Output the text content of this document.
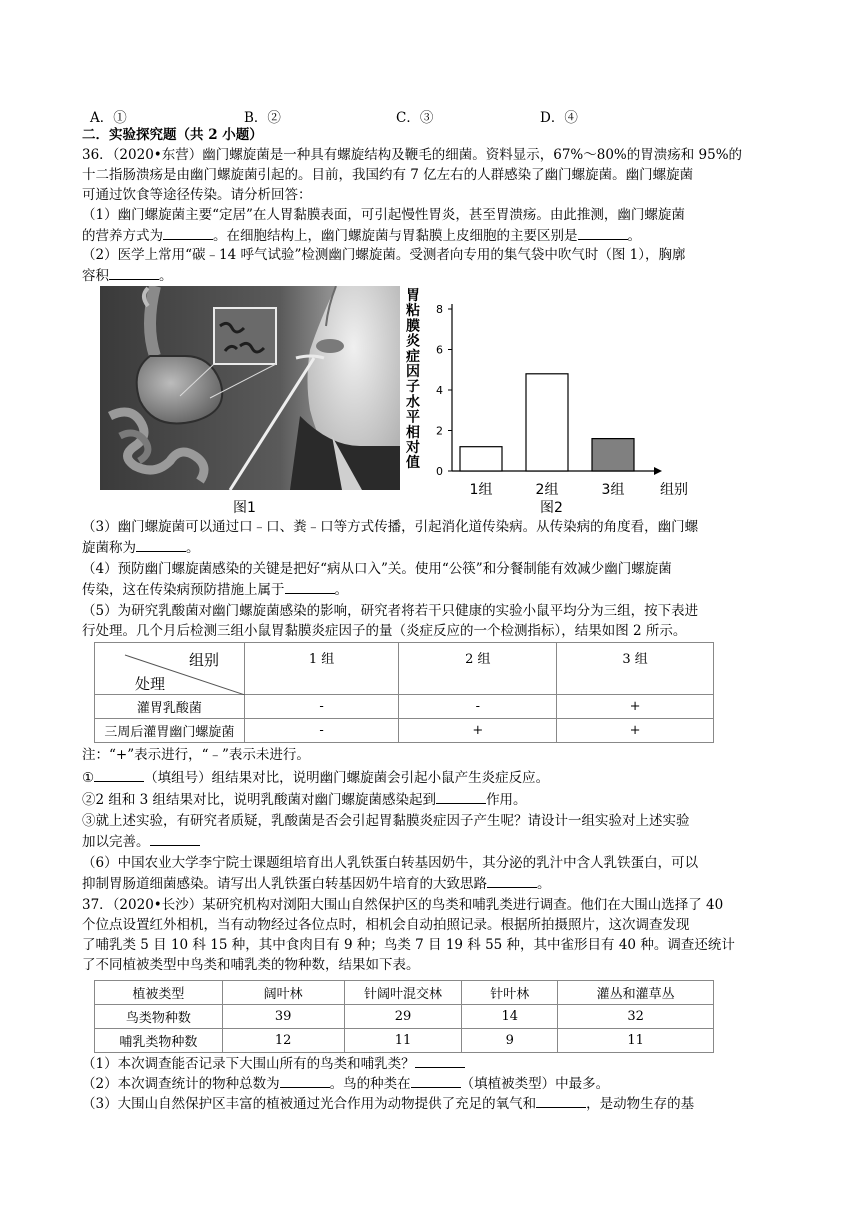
A．①	B．②	C．③	D．④
二．实验探究题（共 2 小题）
36．（2020•东营）幽门螺旋菌是一种具有螺旋结构及鞭毛的细菌。资料显示，67%～80%的胃溃疡和 95%的
十二指肠溃疡是由幽门螺旋菌引起的。目前，我国约有 7 亿左右的人群感染了幽门螺旋菌。幽门螺旋菌
可通过饮食等途径传染。请分析回答：
（1）幽门螺旋菌主要“定居”在人胃黏膜表面，可引起慢性胃炎，甚至胃溃疡。由此推测，幽门螺旋菌
的营养方式为	。在细胞结构上，幽门螺旋菌与胃黏膜上皮细胞的主要区别是	。
（2）医学上常用“碳﹣14 呼气试验”检测幽门螺旋菌。受测者向专用的集气袋中吹气时（图 1），胸廓
容积	。
图1
胃
粘
膜
炎
症
因
子
水
平
相
对
值
0
2
4
6
8
1组	2组	3组	组别
图2
（3）幽门螺旋菌可以通过口﹣口、粪﹣口等方式传播，引起消化道传染病。从传染病的角度看，幽门螺
旋菌称为	。
（4）预防幽门螺旋菌感染的关键是把好“病从口入”关。使用“公筷”和分餐制能有效减少幽门螺旋菌
传染，这在传染病预防措施上属于	。
（5）为研究乳酸菌对幽门螺旋菌感染的影响，研究者将若干只健康的实验小鼠平均分为三组，按下表进
行处理。几个月后检测三组小鼠胃黏膜炎症因子的量（炎症反应的一个检测指标），结果如图 2 所示。
组别
处理	1 组	2 组	3 组
灌胃乳酸菌	-	-	+
三周后灌胃幽门螺旋菌	-	+	+
注：“+”表示进行，“﹣”表示未进行。
①	（填组号）组结果对比，说明幽门螺旋菌会引起小鼠产生炎症反应。
②2 组和 3 组结果对比，说明乳酸菌对幽门螺旋菌感染起到	作用。
③就上述实验，有研究者质疑，乳酸菌是否会引起胃黏膜炎症因子产生呢？请设计一组实验对上述实验
加以完善。
（6）中国农业大学李宁院士课题组培育出人乳铁蛋白转基因奶牛，其分泌的乳汁中含人乳铁蛋白，可以
抑制胃肠道细菌感染。请写出人乳铁蛋白转基因奶牛培育的大致思路	。
37．（2020•长沙）某研究机构对浏阳大围山自然保护区的鸟类和哺乳类进行调查。他们在大围山选择了 40
个位点设置红外相机，当有动物经过各位点时，相机会自动拍照记录。根据所拍摄照片，这次调查发现
了哺乳类 5 目 10 科 15 种，其中食肉目有 9 种；鸟类 7 目 19 科 55 种，其中雀形目有 40 种。调查还统计
了不同植被类型中鸟类和哺乳类的物种数，结果如下表。
植被类型	阔叶林	针阔叶混交林	针叶林	灌丛和灌草丛
鸟类物种数	39	29	14	32
哺乳类物种数	12	11	9	11
（1）本次调查能否记录下大围山所有的鸟类和哺乳类？
（2）本次调查统计的物种总数为	。鸟的种类在	（填植被类型）中最多。
（3）大围山自然保护区丰富的植被通过光合作用为动物提供了充足的氧气和	，是动物生存的基
